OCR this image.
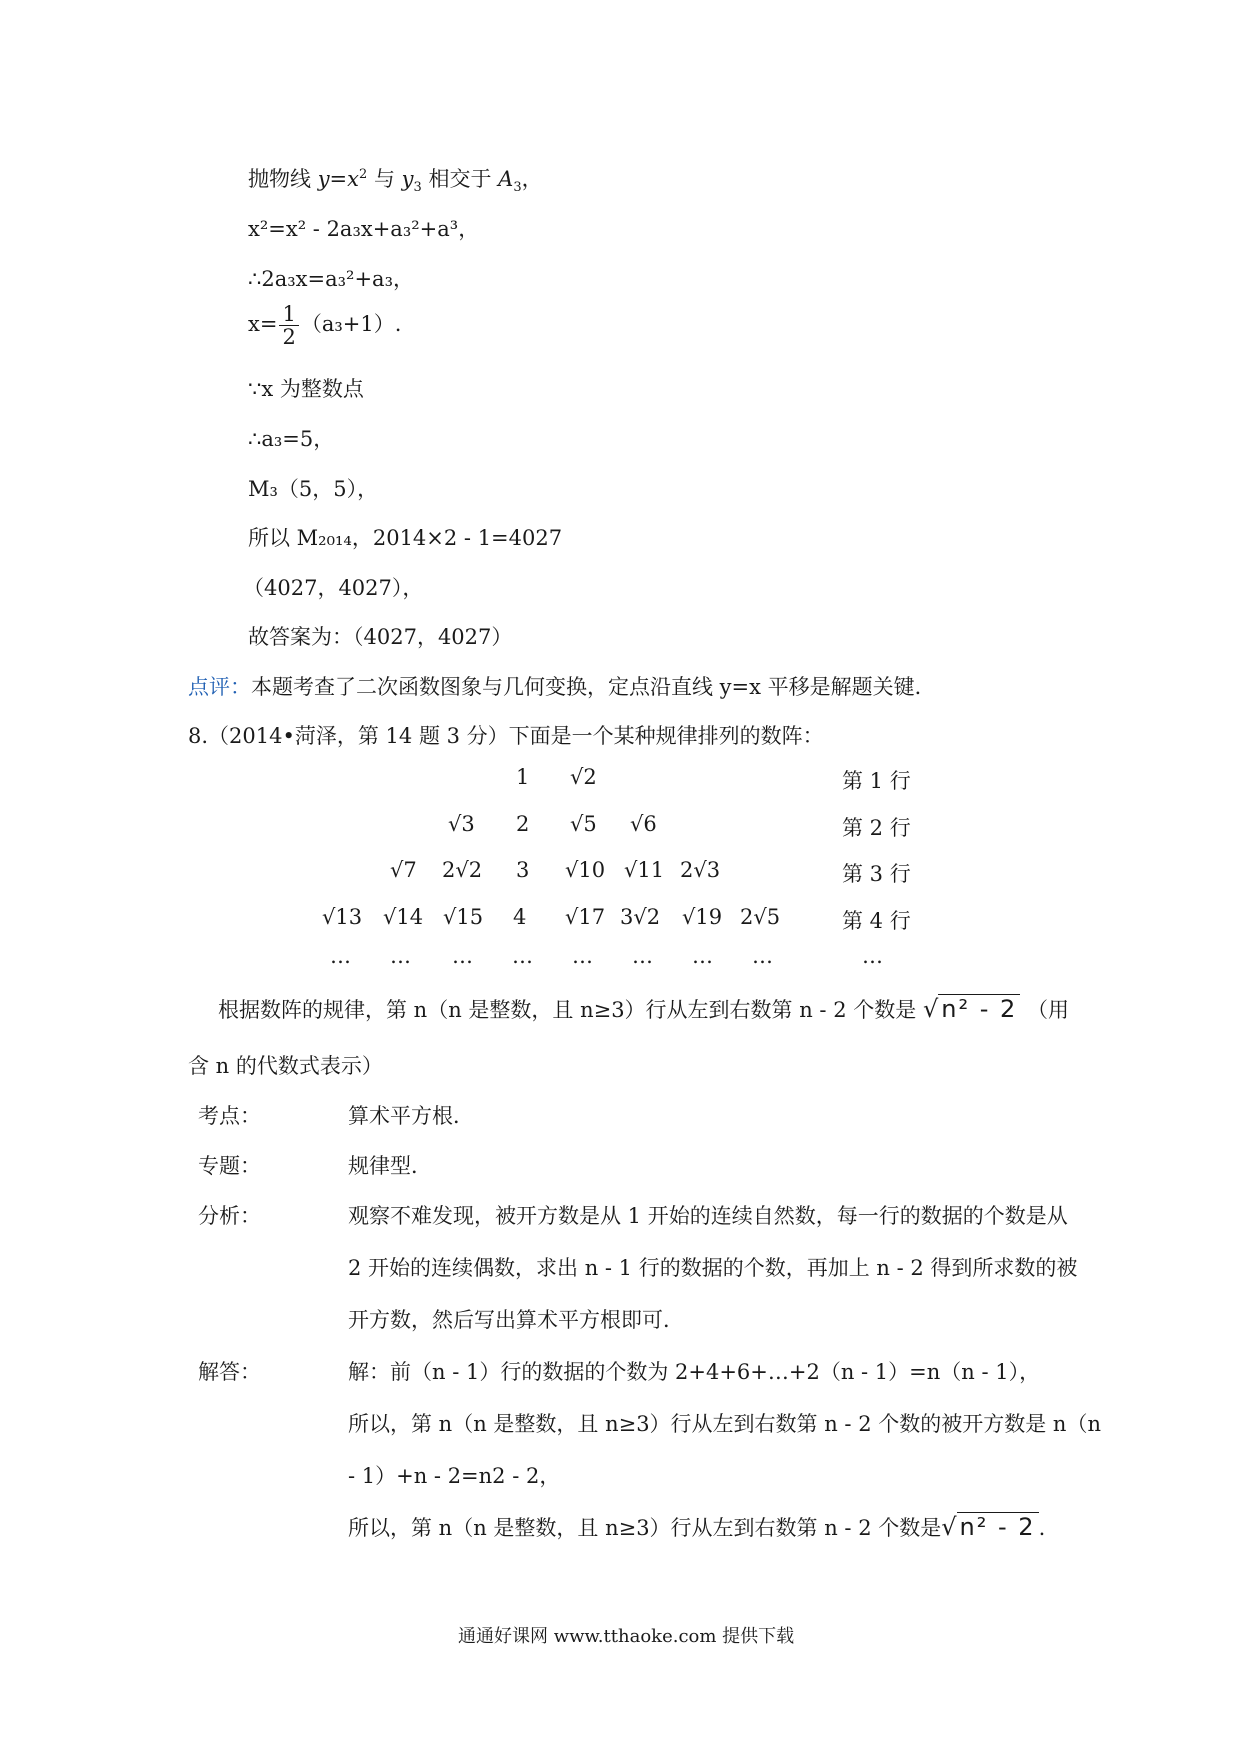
抛物线 $y=x^2$ 与 $y_3$ 相交于 $A_3$，
x²=x² - 2a₃x+a₃²+a³，
∴2a₃x=a₃²+a₃，
$x= \frac{1}{2} (a_3+1)$.
∵x 为整数点
∴a₃=5，
M₃（5，5），
所以 M₂₀₁₄，2014×2 - 1=4027
（4027，4027），
故答案为：（4027，4027）
点评：本题考查了二次函数图象与几何变换，定点沿直线 y=x 平移是解题关键．
8.（2014•菏泽，第 14 题 3 分）下面是一个某种规律排列的数阵：
1 √2	第 1 行
√3 2 √5 √6	第 2 行
√7 2√2 3 √10 √11 2√3	第 3 行
√13 √14 √15 4 √17 3√2 √19 2√5	第 4 行
… … … … … … … …	…
根据数阵的规律，第 n（n 是整数，且 n≥3）行从左到右数第 n - 2 个数是 √ n² - 2 （用
含 n 的代数式表示）
考点：	算术平方根．
专题：	规律型．
分析：	观察不难发现，被开方数是从 1 开始的连续自然数，每一行的数据的个数是从
2 开始的连续偶数，求出 n - 1 行的数据的个数，再加上 n - 2 得到所求数的被
开方数，然后写出算术平方根即可．
解答：	解：前（n - 1）行的数据的个数为 2+4+6+…+2（n - 1）=n（n - 1），
所以，第 n（n 是整数，且 n≥3）行从左到右数第 n - 2 个数的被开方数是 n（n
- 1）+n - 2=n2 - 2，
所以，第 n（n 是整数，且 n≥3）行从左到右数第 n - 2 个数是√ n² - 2 .
通通好课网 www.tthaoke.com 提供下载
